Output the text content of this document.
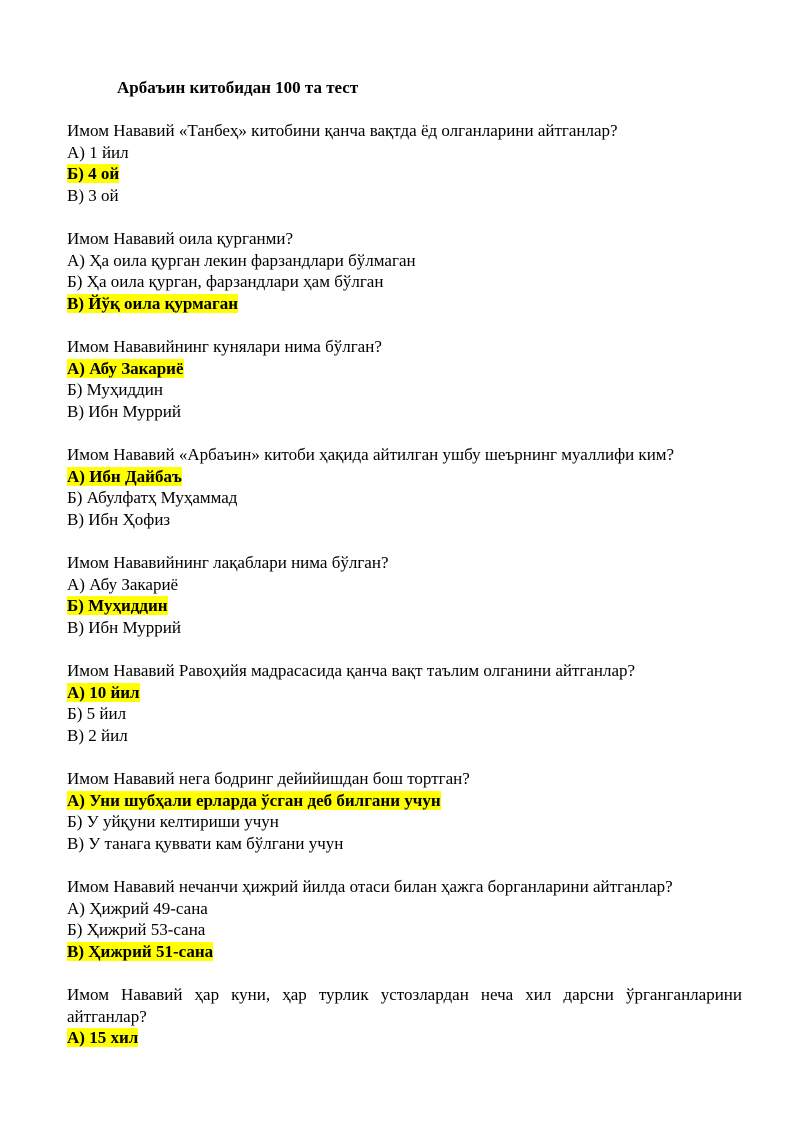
Арбаъин китобидан 100 та тест

Имом Нававий «Танбеҳ» китобини қанча вақтда ёд олганларини айтганлар?

А) 1 йил

Б) 4 ой

В) 3 ой

Имом Нававий оила қурганми?

А) Ҳа оила қурган лекин фарзандлари бўлмаган

Б) Ҳа оила қурган, фарзандлари ҳам бўлган

В) Йўқ оила қурмаган

Имом Нававийнинг кунялари нима бўлган?

А) Абу Закариё

Б) Муҳиддин

В) Ибн Муррий

Имом Нававий «Арбаъин» китоби ҳақида айтилган ушбу шеърнинг муаллифи ким?

А) Ибн Дайбаъ

Б) Абулфатҳ Муҳаммад

В) Ибн Ҳофиз

Имом Нававийнинг лақаблари нима бўлган?

А) Абу Закариё

Б) Муҳиддин

В) Ибн Муррий

Имом Нававий Равоҳийя мадрасасида қанча вақт таълим олганини айтганлар?

А) 10 йил

Б) 5 йил

В) 2 йил

Имом Нававий нега бодринг дейийишдан бош тортган?

А) Уни шубҳали ерларда ўсган деб билгани учун

Б) У уйқуни келтириши учун

В) У танага қуввати кам бўлгани учун

Имом Нававий нечанчи ҳижрий йилда отаси билан ҳажга борганларини айтганлар?

А) Ҳижрий 49-сана

Б) Ҳижрий 53-сана

В) Ҳижрий 51-сана

Имом Нававий ҳар куни, ҳар турлик устозлардан неча хил дарсни ўрганганларини айтганлар?

А) 15 хил
